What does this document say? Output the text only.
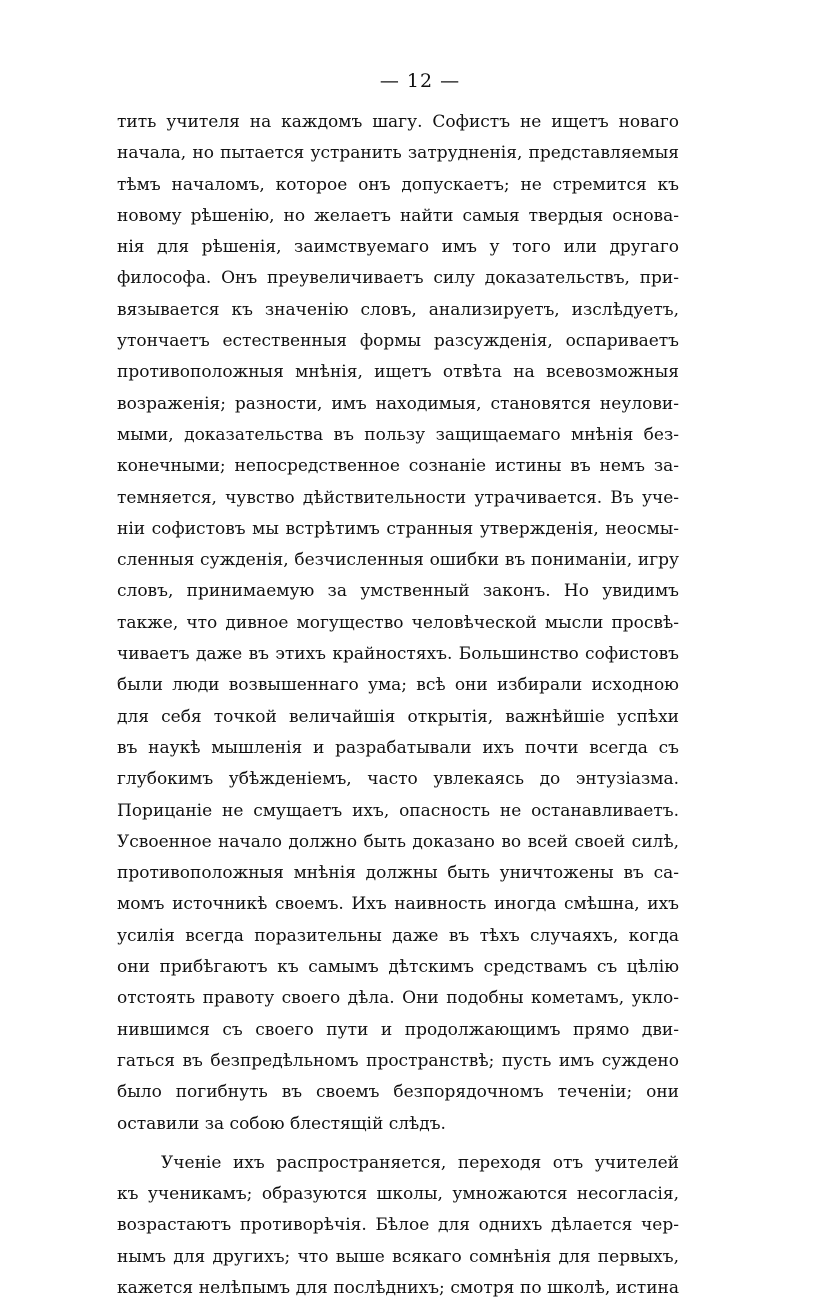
— 12 —
тить учителя на каждомъ шагу. Софистъ не ищетъ новаго
начала, но пытается устранить затрудненія, представляемыя
тѣмъ началомъ, которое онъ допускаетъ; не стремится къ
новому рѣшенію, но желаетъ найти самыя твердыя основа-
нія для рѣшенія, заимствуемаго имъ у того или другаго
философа. Онъ преувеличиваетъ силу доказательствъ, при-
вязывается къ значенію словъ, анализируетъ, изслѣдуетъ,
утончаетъ естественныя формы разсужденія, оспариваетъ
противоположныя мнѣнія, ищетъ отвѣта на всевозможныя
возраженія; разности, имъ находимыя, становятся неулови-
мыми, доказательства въ пользу защищаемаго мнѣнія без-
конечными; непосредственное сознаніе истины въ немъ за-
темняется, чувство дѣйствительности утрачивается. Въ уче-
ніи софистовъ мы встрѣтимъ странныя утвержденія, неосмы-
сленныя сужденія, безчисленныя ошибки въ пониманіи, игру
словъ, принимаемую за умственный законъ. Но увидимъ
также, что дивное могущество человѣческой мысли просвѣ-
чиваетъ даже въ этихъ крайностяхъ. Большинство софистовъ
были люди возвышеннаго ума; всѣ они избирали исходною
для себя точкой величайшія открытія, важнѣйшіе успѣхи
въ наукѣ мышленія и разрабатывали ихъ почти всегда съ
глубокимъ убѣжденіемъ, часто увлекаясь до энтузіазма.
Порицаніе не смущаетъ ихъ, опасность не останавливаетъ.
Усвоенное начало должно быть доказано во всей своей силѣ,
противоположныя мнѣнія должны быть уничтожены въ са-
момъ источникѣ своемъ. Ихъ наивность иногда смѣшна, ихъ
усилія всегда поразительны даже въ тѣхъ случаяхъ, когда
они прибѣгаютъ къ самымъ дѣтскимъ средствамъ съ цѣлію
отстоять правоту своего дѣла. Они подобны кометамъ, укло-
нившимся съ своего пути и продолжающимъ прямо дви-
гаться въ безпредѣльномъ пространствѣ; пусть имъ суждено
было погибнуть въ своемъ безпорядочномъ теченіи; они
оставили за собою блестящій слѣдъ.
Ученіе ихъ распространяется, переходя отъ учителей
къ ученикамъ; образуются школы, умножаются несогласія,
возрастаютъ противорѣчія. Бѣлое для однихъ дѣлается чер-
нымъ для другихъ; что выше всякаго сомнѣнія для первыхъ,
кажется нелѣпымъ для послѣднихъ; смотря по школѣ, истина
